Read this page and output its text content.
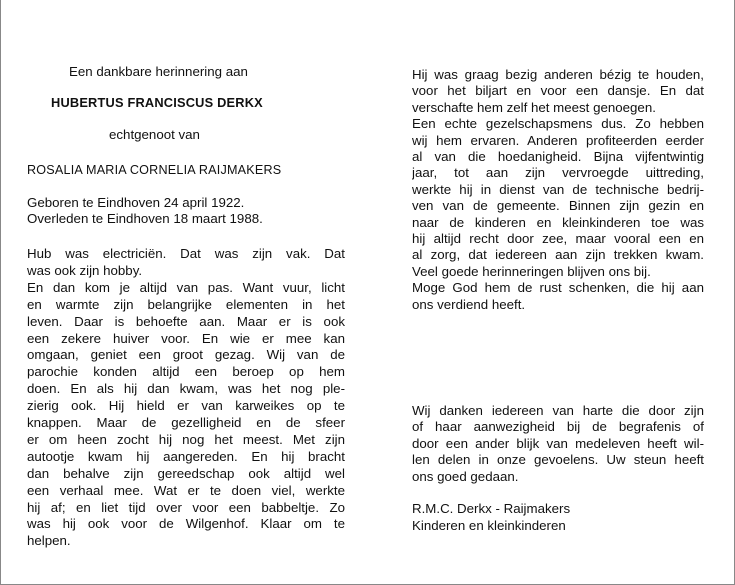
Een dankbare herinnering aan
HUBERTUS FRANCISCUS DERKX
echtgenoot van
ROSALIA MARIA CORNELIA RAIJMAKERS
Geboren te Eindhoven 24 april 1922.
Overleden te Eindhoven 18 maart 1988.
Hub was electriciën. Dat was zijn vak. Dat
was ook zijn hobby.
En dan kom je altijd van pas. Want vuur, licht
en warmte zijn belangrijke elementen in het
leven. Daar is behoefte aan. Maar er is ook
een zekere huiver voor. En wie er mee kan
omgaan, geniet een groot gezag. Wij van de
parochie konden altijd een beroep op hem
doen. En als hij dan kwam, was het nog ple-
zierig ook. Hij hield er van karweikes op te
knappen. Maar de gezelligheid en de sfeer
er om heen zocht hij nog het meest. Met zijn
autootje kwam hij aangereden. En hij bracht
dan behalve zijn gereedschap ook altijd wel
een verhaal mee. Wat er te doen viel, werkte
hij af; en liet tijd over voor een babbeltje. Zo
was hij ook voor de Wilgenhof. Klaar om te
helpen.
Hij was graag bezig anderen bézig te houden,
voor het biljart en voor een dansje. En dat
verschafte hem zelf het meest genoegen.
Een echte gezelschapsmens dus. Zo hebben
wij hem ervaren. Anderen profiteerden eerder
al van die hoedanigheid. Bijna vijfentwintig
jaar, tot aan zijn vervroegde uittreding,
werkte hij in dienst van de technische bedrij-
ven van de gemeente. Binnen zijn gezin en
naar de kinderen en kleinkinderen toe was
hij altijd recht door zee, maar vooral een en
al zorg, dat iedereen aan zijn trekken kwam.
Veel goede herinneringen blijven ons bij.
Moge God hem de rust schenken, die hij aan
ons verdiend heeft.
Wij danken iedereen van harte die door zijn
of haar aanwezigheid bij de begrafenis of
door een ander blijk van medeleven heeft wil-
len delen in onze gevoelens. Uw steun heeft
ons goed gedaan.
R.M.C. Derkx - Raijmakers
Kinderen en kleinkinderen
